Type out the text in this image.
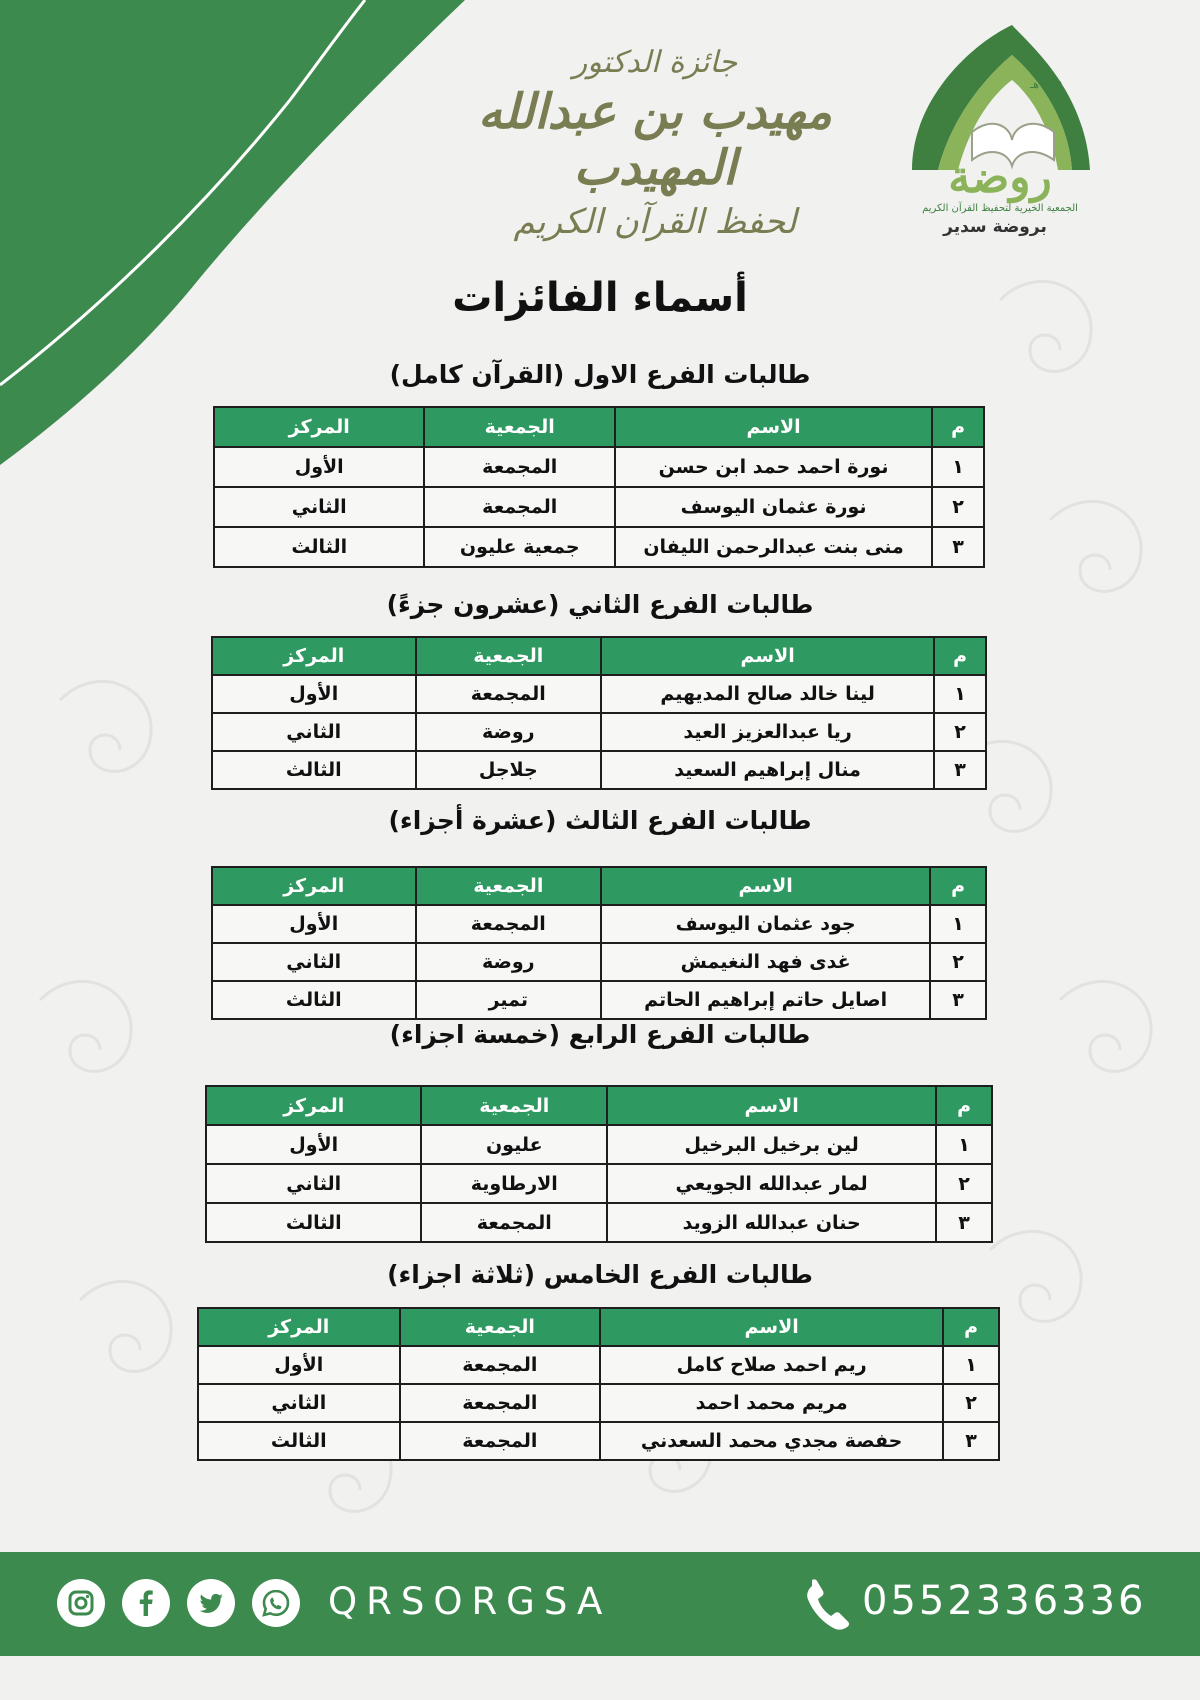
جائزة الدكتور
مهيدب بن عبدالله المهيدب
لحفظ القرآن الكريم
١٤١٩هـ
روضة
الجمعية الخيرية لتحفيظ القرآن الكريم
بروضة سدير
أسماء الفائزات
طالبات الفرع الاول (القرآن كامل)
م	الاسم	الجمعية	المركز
١	نورة احمد حمد ابن حسن	المجمعة	الأول
٢	نورة عثمان اليوسف	المجمعة	الثاني
٣	منى بنت عبدالرحمن الليفان	جمعية عليون	الثالث
طالبات الفرع الثاني (عشرون جزءً)
م	الاسم	الجمعية	المركز
١	لينا خالد صالح المديهيم	المجمعة	الأول
٢	ريا عبدالعزيز العيد	روضة	الثاني
٣	منال إبراهيم السعيد	جلاجل	الثالث
طالبات الفرع الثالث (عشرة أجزاء)
م	الاسم	الجمعية	المركز
١	جود عثمان اليوسف	المجمعة	الأول
٢	غدى فهد النغيمش	روضة	الثاني
٣	اصايل حاتم إبراهيم الحاتم	تمير	الثالث
طالبات الفرع الرابع (خمسة اجزاء)
م	الاسم	الجمعية	المركز
١	لين برخيل البرخيل	عليون	الأول
٢	لمار عبدالله الجويعي	الارطاوية	الثاني
٣	حنان عبدالله الزويد	المجمعة	الثالث
طالبات الفرع الخامس (ثلاثة اجزاء)
م	الاسم	الجمعية	المركز
١	ريم احمد صلاح كامل	المجمعة	الأول
٢	مريم محمد احمد	المجمعة	الثاني
٣	حفصة مجدي محمد السعدني	المجمعة	الثالث
QRSORGSA	0552336336
